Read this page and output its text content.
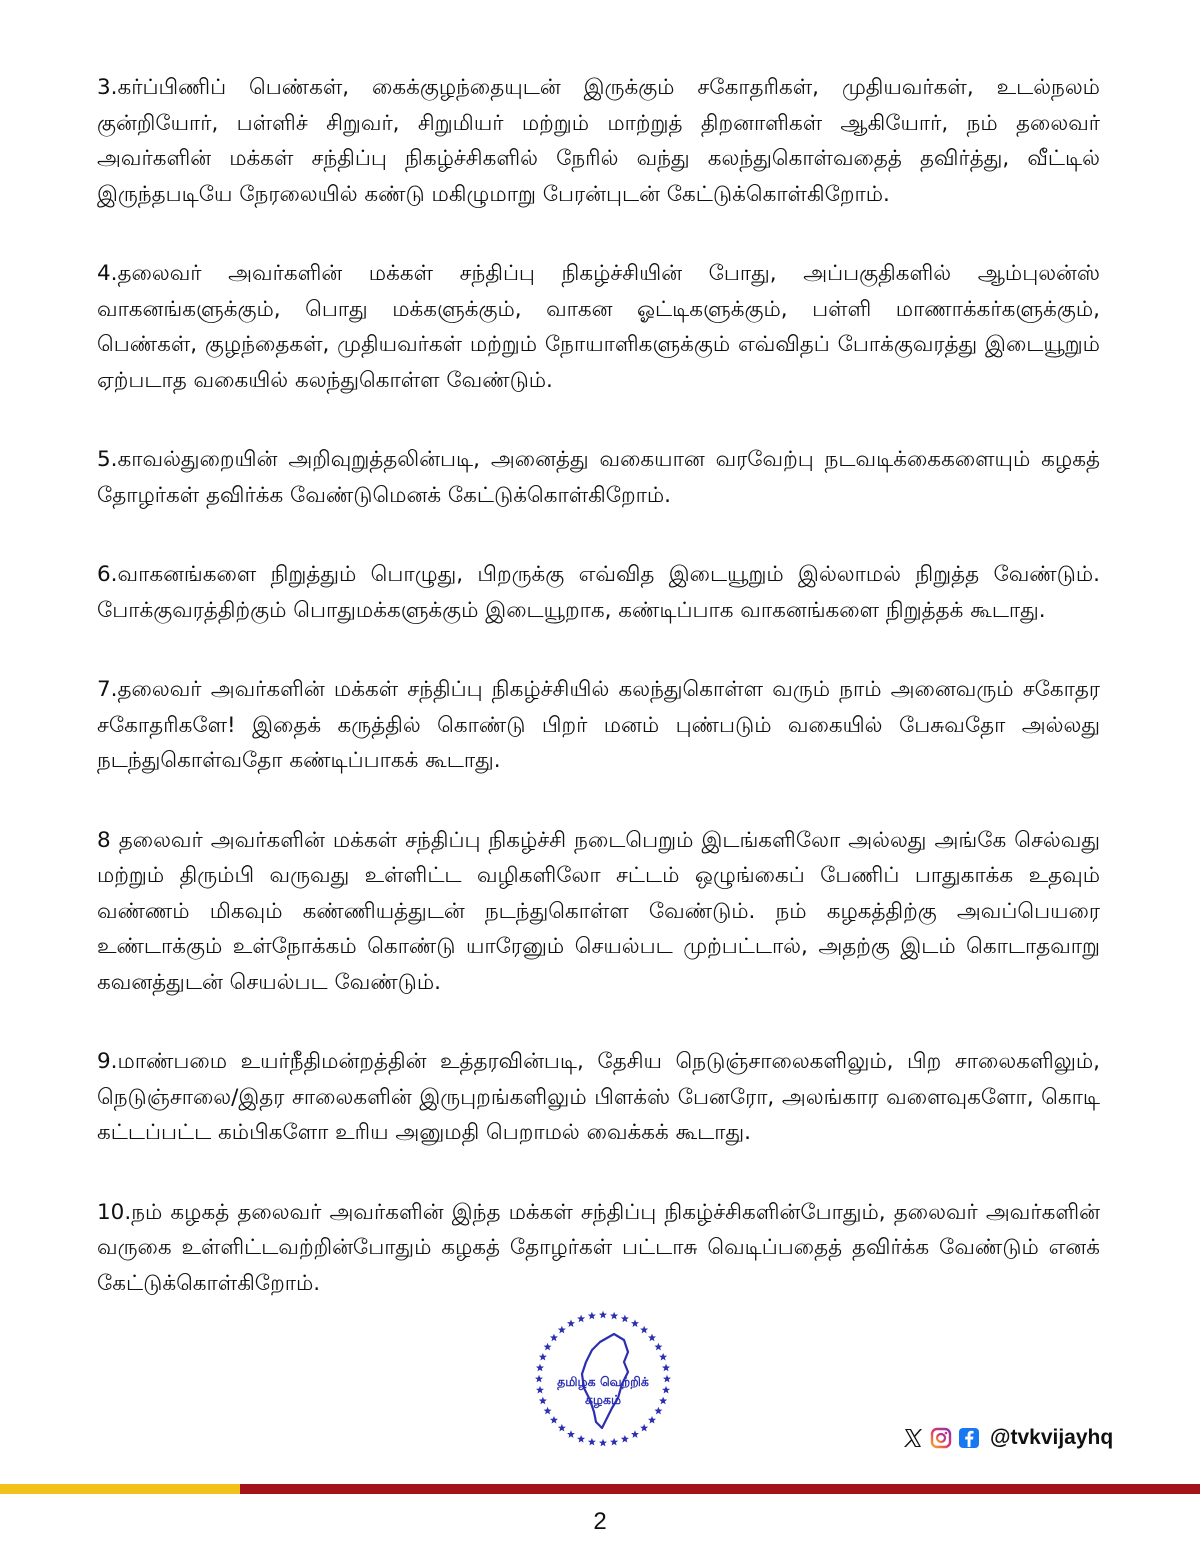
3.கர்ப்பிணிப் பெண்கள், கைக்குழந்தையுடன் இருக்கும் சகோதரிகள், முதியவர்கள், உடல்நலம் குன்றியோர், பள்ளிச் சிறுவர், சிறுமியர் மற்றும் மாற்றுத் திறனாளிகள் ஆகியோர், நம் தலைவர் அவர்களின் மக்கள் சந்திப்பு நிகழ்ச்சிகளில் நேரில் வந்து கலந்துகொள்வதைத் தவிர்த்து, வீட்டில் இருந்தபடியே நேரலையில் கண்டு மகிழுமாறு பேரன்புடன் கேட்டுக்கொள்கிறோம்.

4.தலைவர் அவர்களின் மக்கள் சந்திப்பு நிகழ்ச்சியின் போது, அப்பகுதிகளில் ஆம்புலன்ஸ் வாகனங்களுக்கும், பொது மக்களுக்கும், வாகன ஓட்டிகளுக்கும், பள்ளி மாணாக்கர்களுக்கும், பெண்கள், குழந்தைகள், முதியவர்கள் மற்றும் நோயாளிகளுக்கும் எவ்விதப் போக்குவரத்து இடையூறும் ஏற்படாத வகையில் கலந்துகொள்ள வேண்டும்.

5.காவல்துறையின் அறிவுறுத்தலின்படி, அனைத்து வகையான வரவேற்பு நடவடிக்கைகளையும் கழகத் தோழர்கள் தவிர்க்க வேண்டுமெனக் கேட்டுக்கொள்கிறோம்.

6.வாகனங்களை நிறுத்தும் பொழுது, பிறருக்கு எவ்வித இடையூறும் இல்லாமல் நிறுத்த வேண்டும். போக்குவரத்திற்கும் பொதுமக்களுக்கும் இடையூறாக, கண்டிப்பாக வாகனங்களை நிறுத்தக் கூடாது.

7.தலைவர் அவர்களின் மக்கள் சந்திப்பு நிகழ்ச்சியில் கலந்துகொள்ள வரும் நாம் அனைவரும் சகோதர சகோதரிகளே! இதைக் கருத்தில் கொண்டு பிறர் மனம் புண்படும் வகையில் பேசுவதோ அல்லது நடந்துகொள்வதோ கண்டிப்பாகக் கூடாது.

8 தலைவர் அவர்களின் மக்கள் சந்திப்பு நிகழ்ச்சி நடைபெறும் இடங்களிலோ அல்லது அங்கே செல்வது மற்றும் திரும்பி வருவது உள்ளிட்ட வழிகளிலோ சட்டம் ஒழுங்கைப் பேணிப் பாதுகாக்க உதவும் வண்ணம் மிகவும் கண்ணியத்துடன் நடந்துகொள்ள வேண்டும். நம் கழகத்திற்கு அவப்பெயரை உண்டாக்கும் உள்நோக்கம் கொண்டு யாரேனும் செயல்பட முற்பட்டால், அதற்கு இடம் கொடாதவாறு கவனத்துடன் செயல்பட வேண்டும்.

9.மாண்பமை உயர்நீதிமன்றத்தின் உத்தரவின்படி, தேசிய நெடுஞ்சாலைகளிலும், பிற சாலைகளிலும், நெடுஞ்சாலை/இதர சாலைகளின் இருபுறங்களிலும் பிளக்ஸ் பேனரோ, அலங்கார வளைவுகளோ, கொடி கட்டப்பட்ட கம்பிகளோ உரிய அனுமதி பெறாமல் வைக்கக் கூடாது.

10.நம் கழகத் தலைவர் அவர்களின் இந்த மக்கள் சந்திப்பு நிகழ்ச்சிகளின்போதும், தலைவர் அவர்களின் வருகை உள்ளிட்டவற்றின்போதும் கழகத் தோழர்கள் பட்டாசு வெடிப்பதைத் தவிர்க்க வேண்டும் எனக் கேட்டுக்கொள்கிறோம்.

தமிழக வெற்றிக்
கழகம்
@tvkvijayhq
2
